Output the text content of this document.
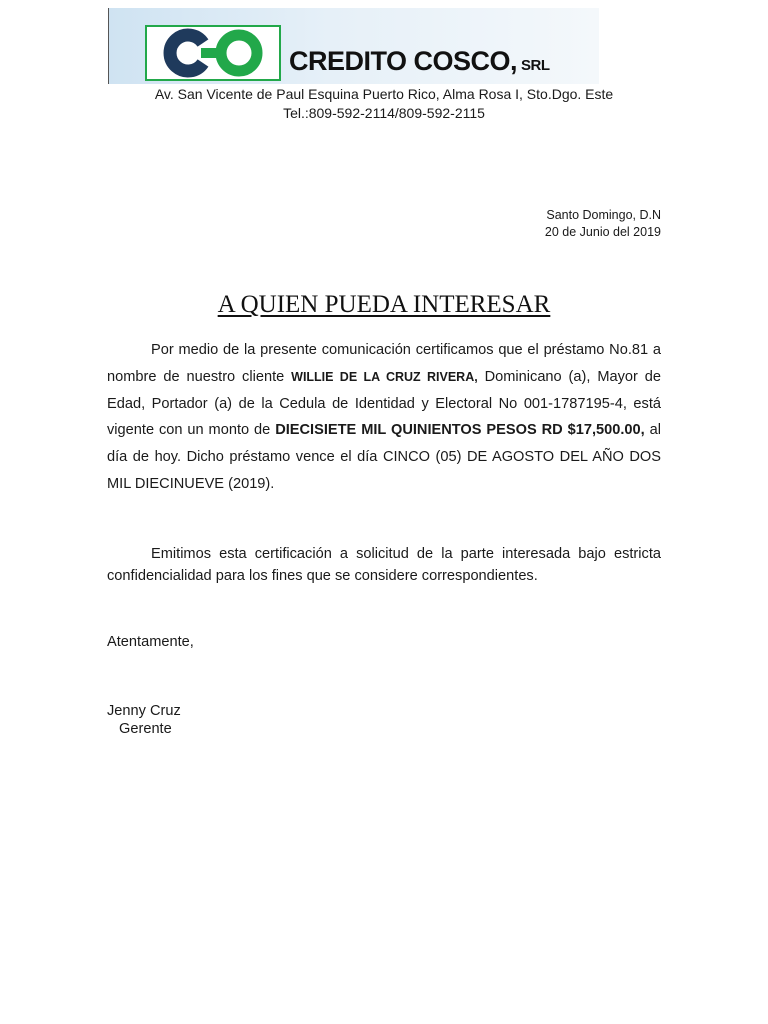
CREDITO COSCO, SRL
Av. San Vicente de Paul Esquina Puerto Rico, Alma Rosa I, Sto.Dgo. Este
Tel.:809-592-2114/809-592-2115
Santo Domingo, D.N
20 de Junio del 2019
A QUIEN PUEDA INTERESAR
Por medio de la presente comunicación certificamos que el préstamo No.81 a nombre de nuestro cliente WILLIE DE LA CRUZ RIVERA, Dominicano (a), Mayor de Edad, Portador (a) de la Cedula de Identidad y Electoral No 001-1787195-4, está vigente con un monto de DIECISIETE MIL QUINIENTOS PESOS RD $17,500.00, al día de hoy. Dicho préstamo vence el día CINCO (05) DE AGOSTO DEL AÑO DOS MIL DIECINUEVE (2019).
Emitimos esta certificación a solicitud de la parte interesada bajo estricta confidencialidad para los fines que se considere correspondientes.
Atentamente,
Jenny Cruz
Gerente
